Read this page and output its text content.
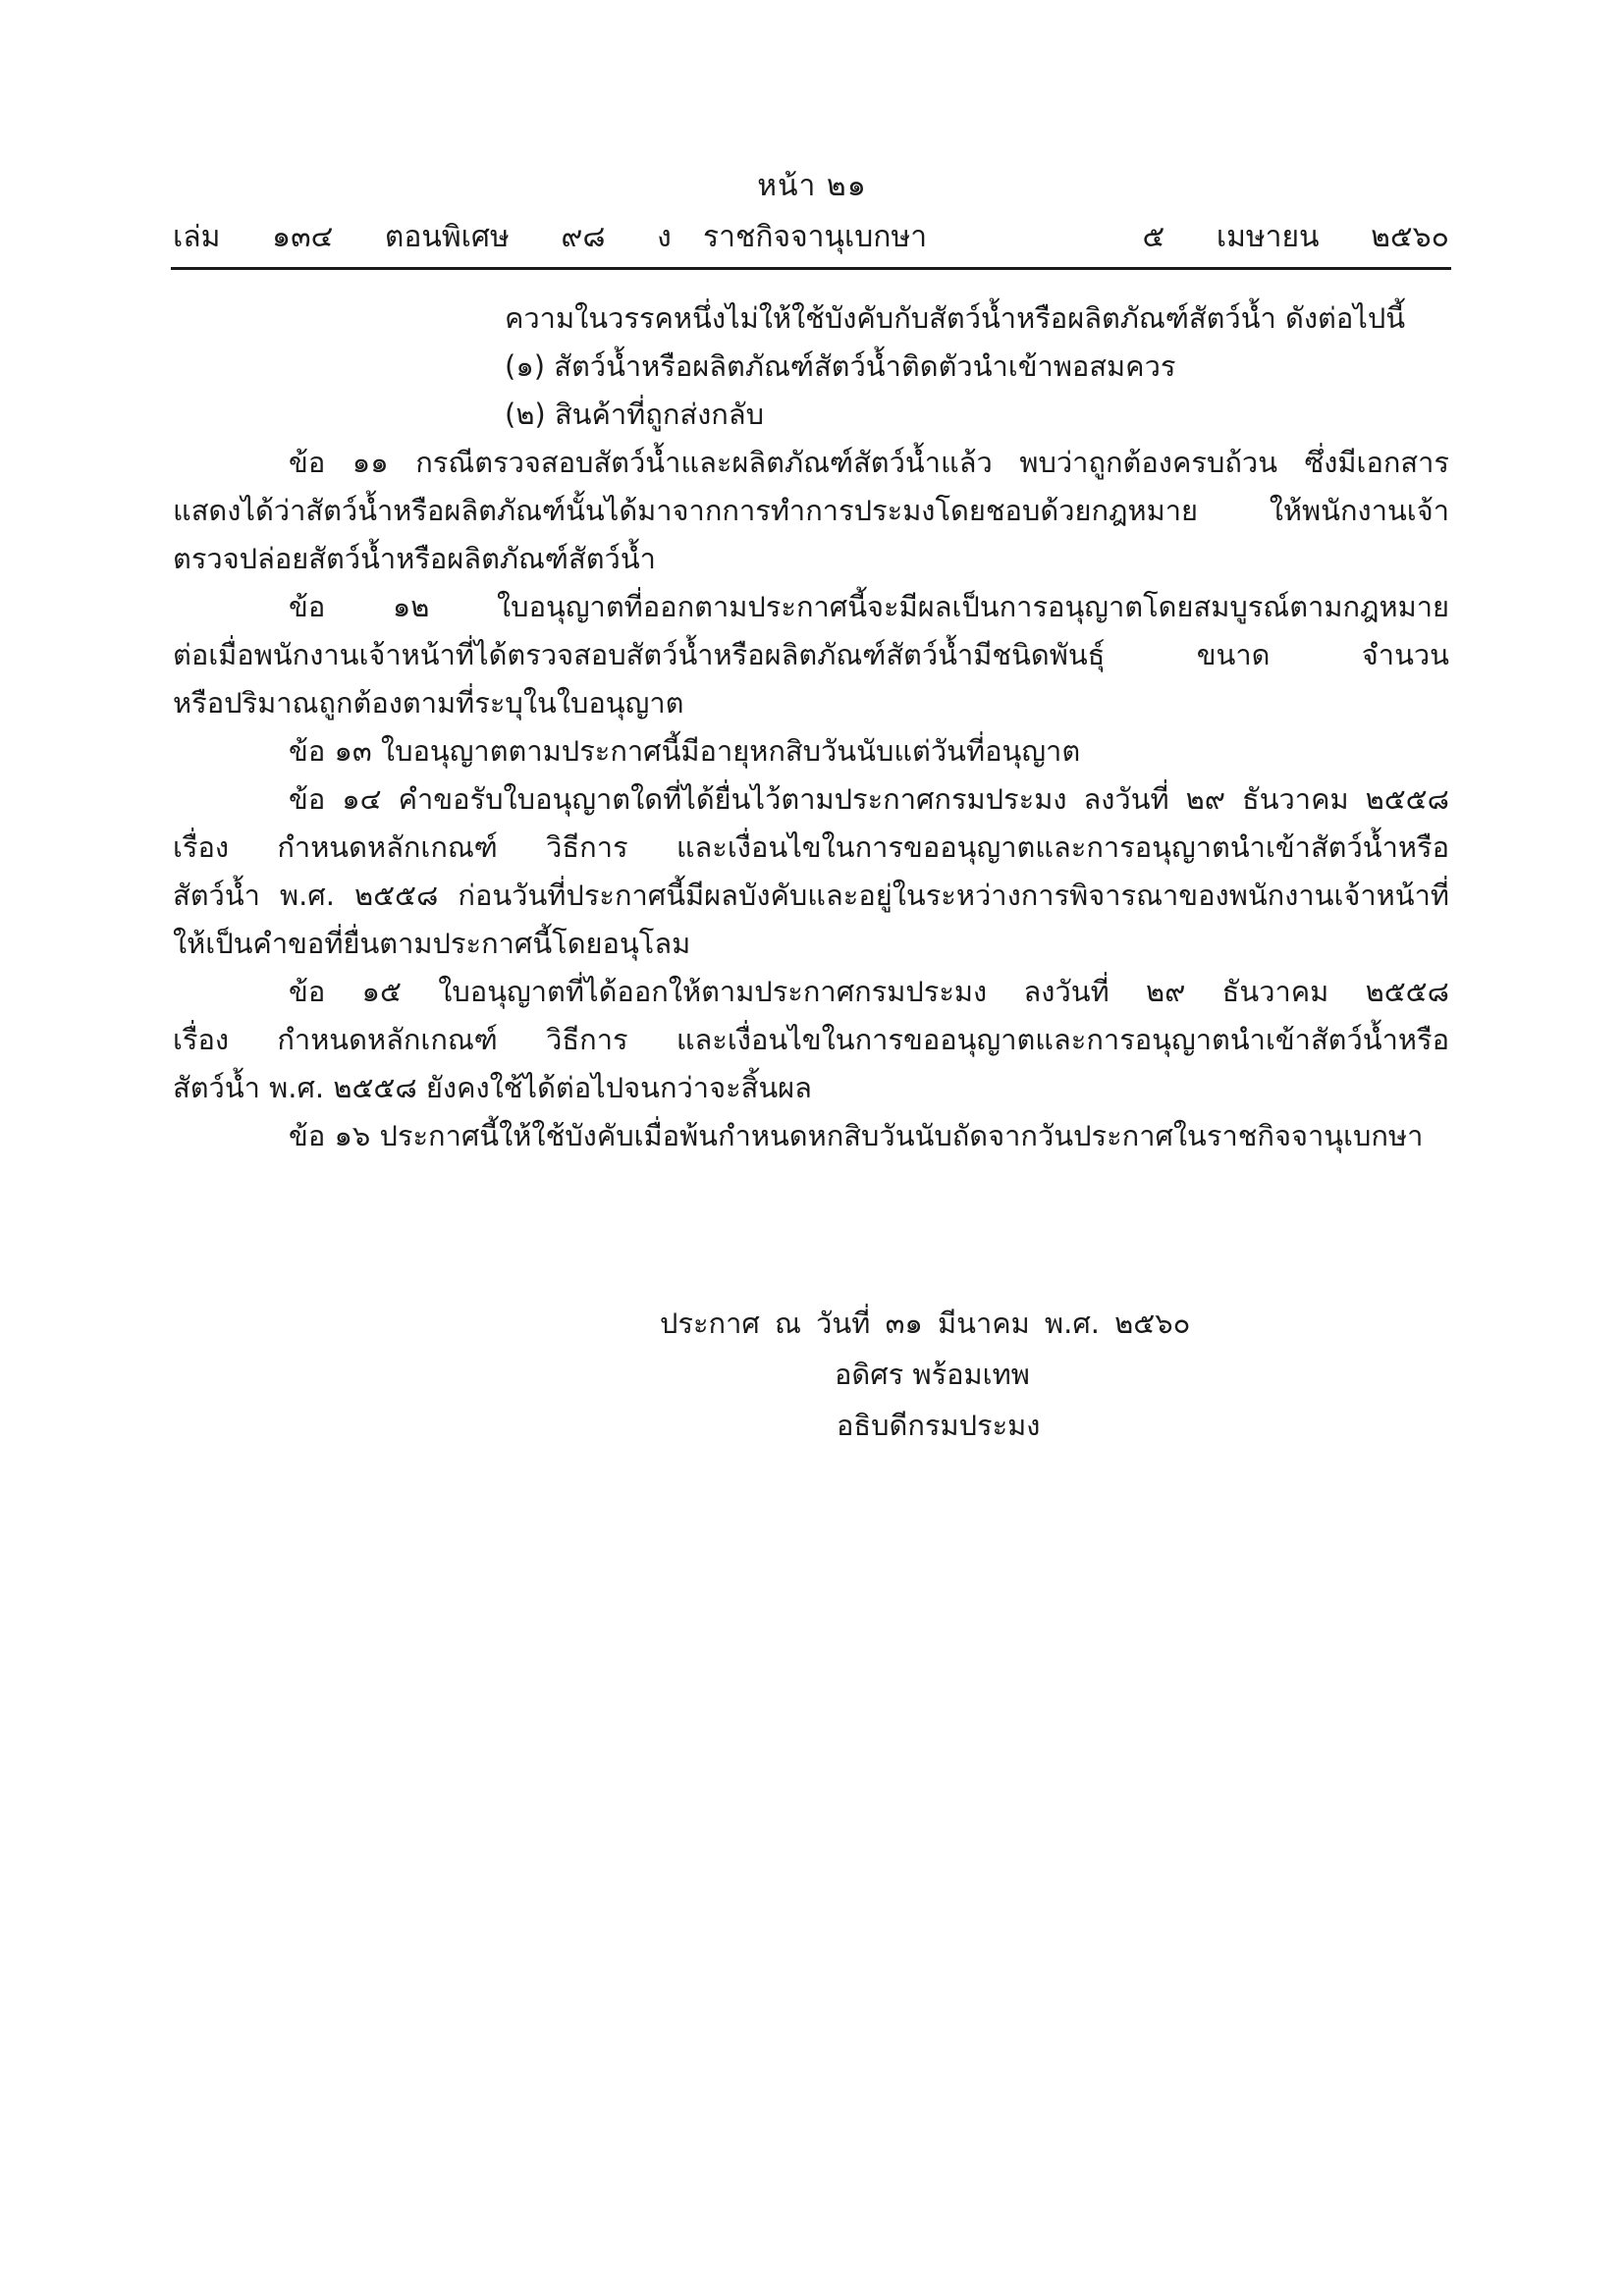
หน้า ๒๑
เล่ม   ๑๓๔   ตอนพิเศษ   ๙๘   ง ราชกิจจานุเบกษา	๕   เมษายน   ๒๕๖๐
ความในวรรคหนึ่งไม่ให้ใช้บังคับกับสัตว์น้ำหรือผลิตภัณฑ์สัตว์น้ำ ดังต่อไปนี้
(๑) สัตว์น้ำหรือผลิตภัณฑ์สัตว์น้ำติดตัวนำเข้าพอสมควร
(๒) สินค้าที่ถูกส่งกลับ
ข้อ ๑๑ กรณีตรวจสอบสัตว์น้ำและผลิตภัณฑ์สัตว์น้ำแล้ว พบว่าถูกต้องครบถ้วน ซึ่งมีเอกสาร
แสดงได้ว่าสัตว์น้ำหรือผลิตภัณฑ์นั้นได้มาจากการทำการประมงโดยชอบด้วยกฎหมาย ให้พนักงานเจ้า
ตรวจปล่อยสัตว์น้ำหรือผลิตภัณฑ์สัตว์น้ำ
ข้อ ๑๒ ใบอนุญาตที่ออกตามประกาศนี้จะมีผลเป็นการอนุญาตโดยสมบูรณ์ตามกฎหมาย
ต่อเมื่อพนักงานเจ้าหน้าที่ได้ตรวจสอบสัตว์น้ำหรือผลิตภัณฑ์สัตว์น้ำมีชนิดพันธุ์ ขนาด จำนวน
หรือปริมาณถูกต้องตามที่ระบุในใบอนุญาต
ข้อ ๑๓ ใบอนุญาตตามประกาศนี้มีอายุหกสิบวันนับแต่วันที่อนุญาต
ข้อ ๑๔ คำขอรับใบอนุญาตใดที่ได้ยื่นไว้ตามประกาศกรมประมง ลงวันที่ ๒๙ ธันวาคม ๒๕๕๘
เรื่อง กำหนดหลักเกณฑ์ วิธีการ และเงื่อนไขในการขออนุญาตและการอนุญาตนำเข้าสัตว์น้ำหรือ
สัตว์น้ำ พ.ศ. ๒๕๕๘ ก่อนวันที่ประกาศนี้มีผลบังคับและอยู่ในระหว่างการพิจารณาของพนักงานเจ้าหน้าที่
ให้เป็นคำขอที่ยื่นตามประกาศนี้โดยอนุโลม
ข้อ ๑๕ ใบอนุญาตที่ได้ออกให้ตามประกาศกรมประมง ลงวันที่ ๒๙ ธันวาคม ๒๕๕๘
เรื่อง กำหนดหลักเกณฑ์ วิธีการ และเงื่อนไขในการขออนุญาตและการอนุญาตนำเข้าสัตว์น้ำหรือ
สัตว์น้ำ พ.ศ. ๒๕๕๘ ยังคงใช้ได้ต่อไปจนกว่าจะสิ้นผล
ข้อ ๑๖ ประกาศนี้ให้ใช้บังคับเมื่อพ้นกำหนดหกสิบวันนับถัดจากวันประกาศในราชกิจจานุเบกษา
ประกาศ ณ วันที่ ๓๑ มีนาคม พ.ศ. ๒๕๖๐
อดิศร พร้อมเทพ
อธิบดีกรมประมง
